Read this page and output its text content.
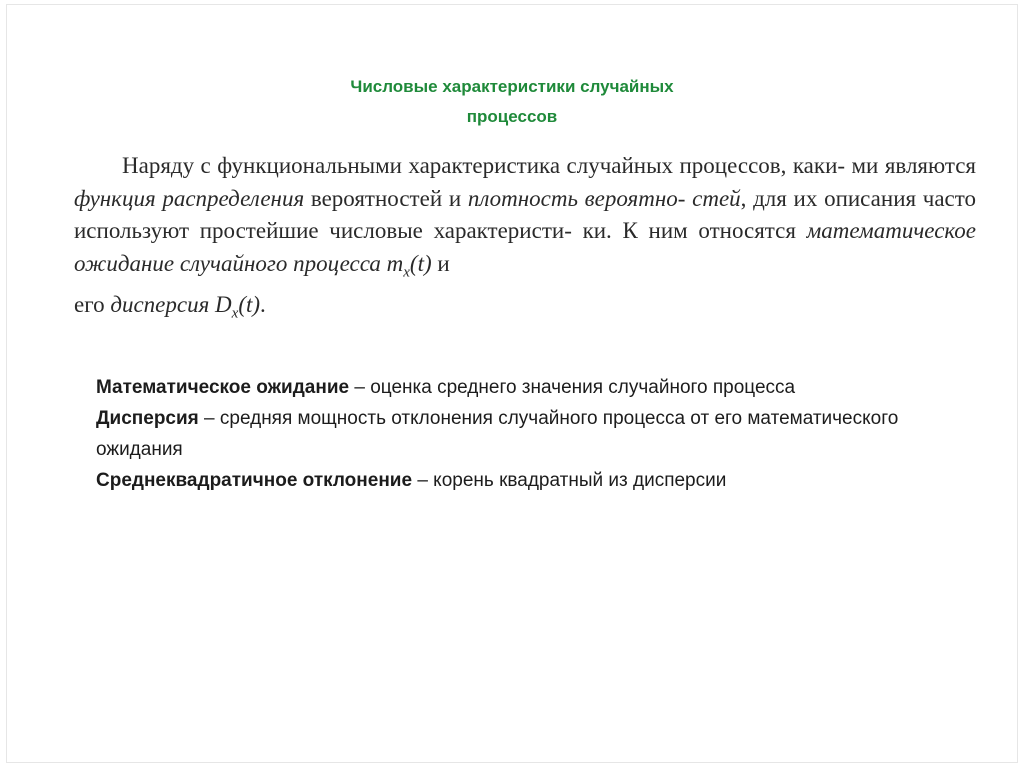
Числовые характеристики случайных
процессов
Наряду с функциональными характеристика случайных процессов, каки- ми являются функция распределения вероятностей и плотность вероятно- стей, для их описания часто используют простейшие числовые характеристи- ки. К ним относятся математическое ожидание случайного процесса $m_x(t)$ и
его дисперсия $D_x(t)$.

Математическое ожидание – оценка среднего значения случайного процесса

Дисперсия – средняя мощность отклонения случайного процесса от его математического ожидания

Среднеквадратичное отклонение – корень квадратный из дисперсии
